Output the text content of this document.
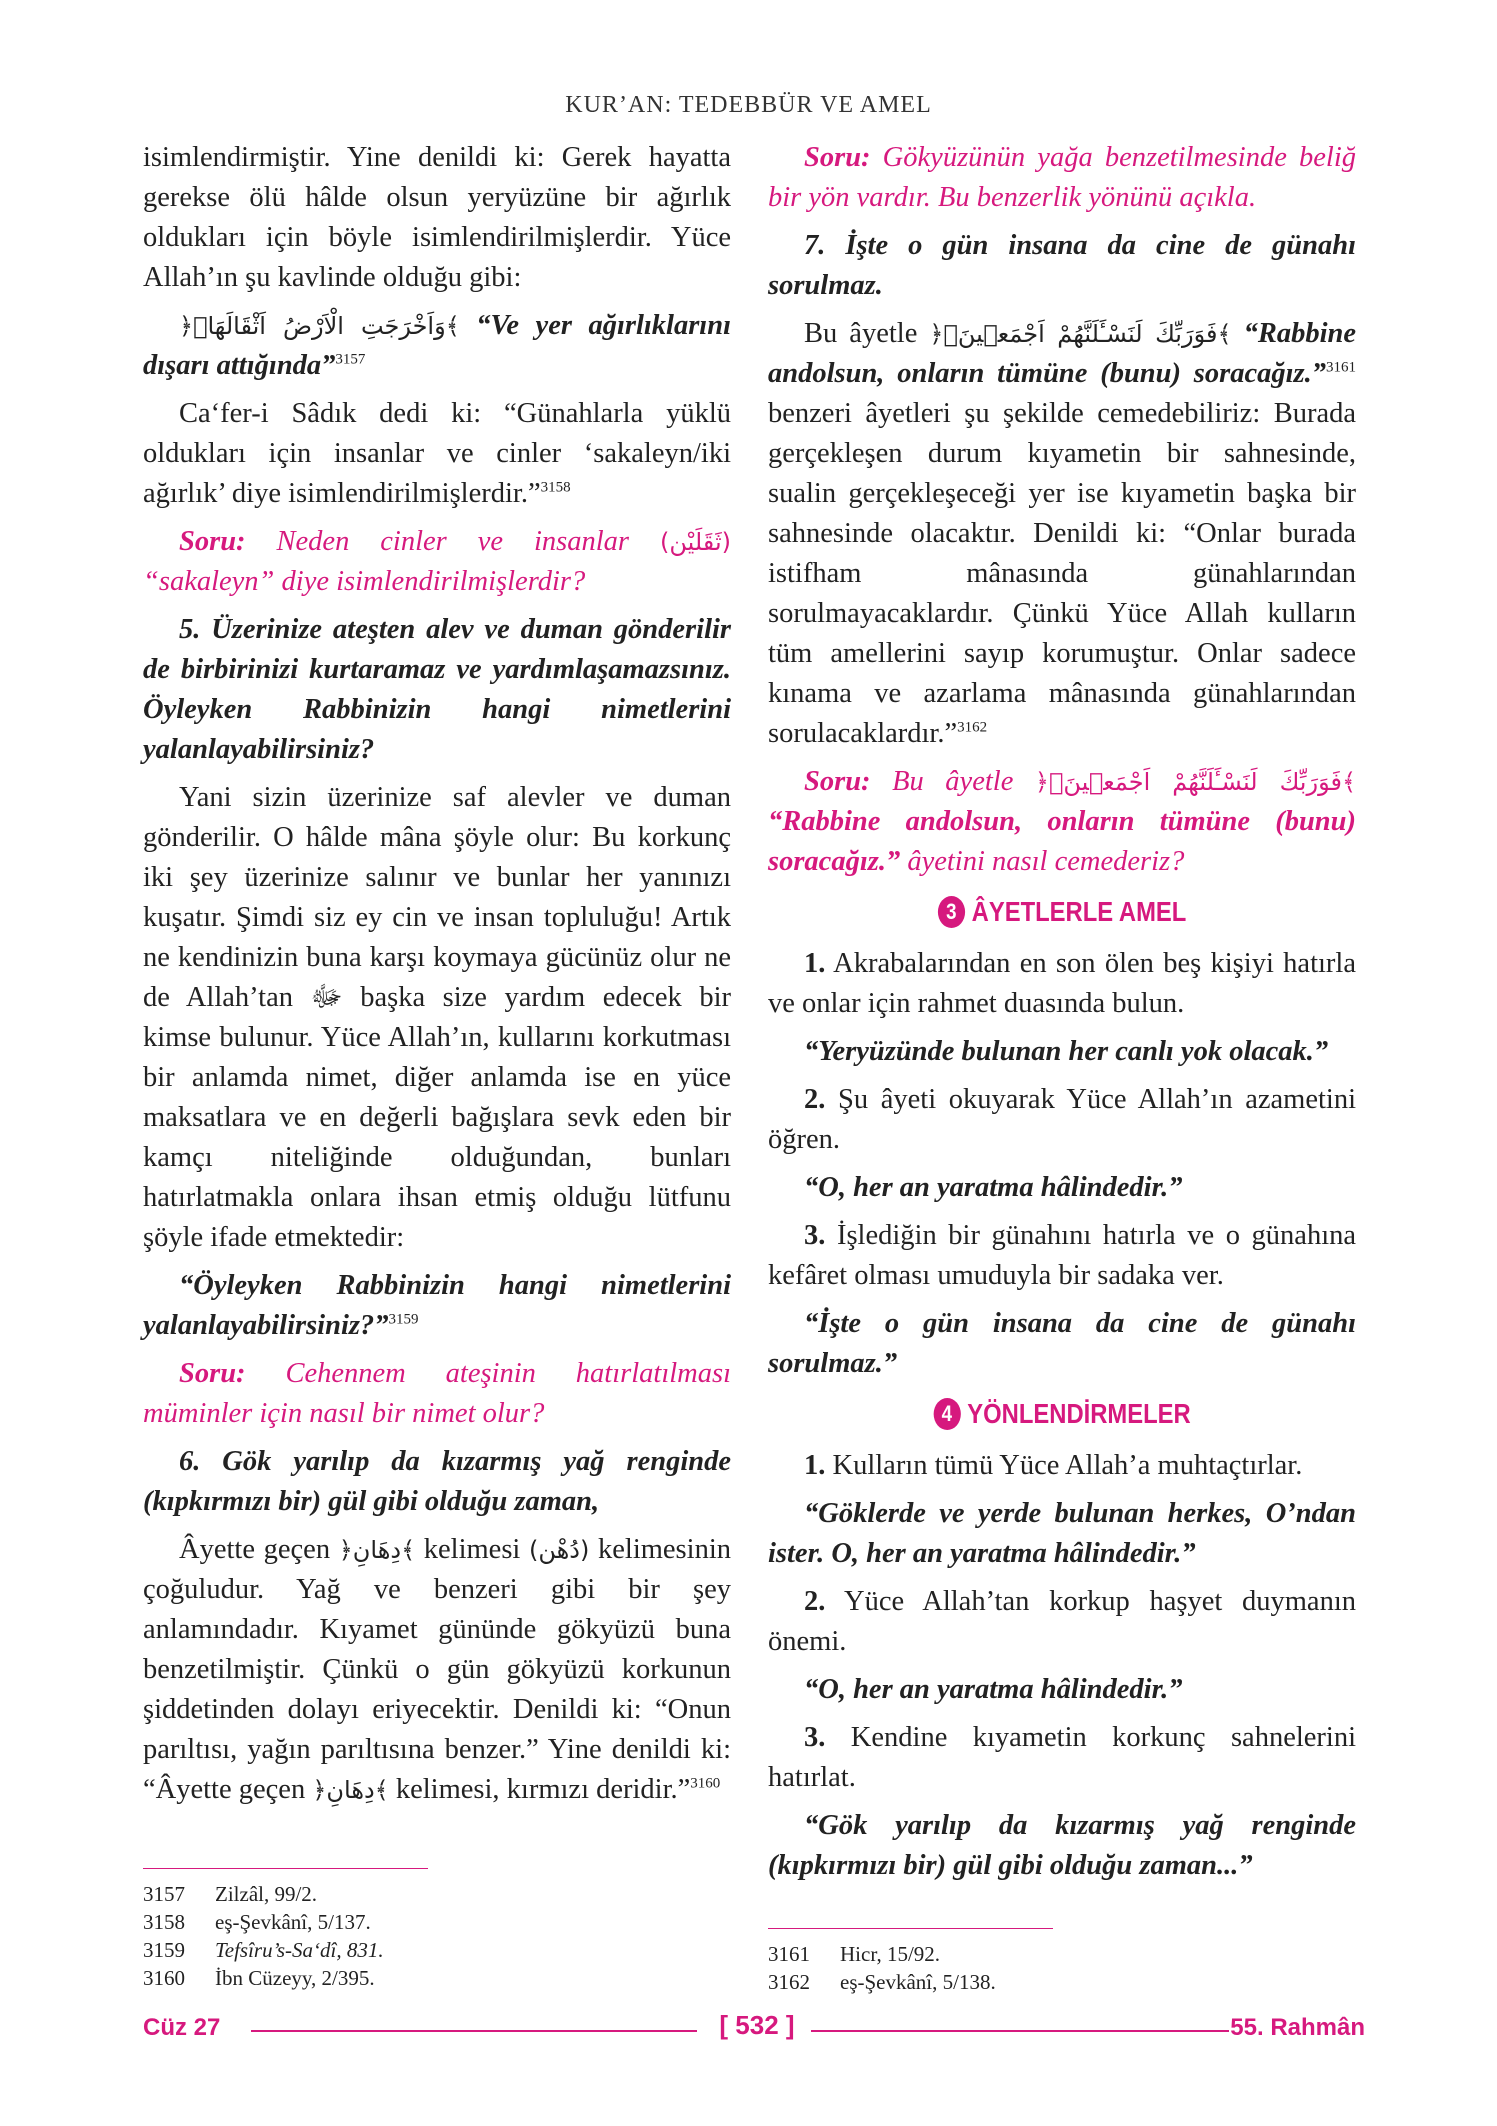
KUR’AN: TEDEBBÜR VE AMEL

isimlendirmiştir. Yine denildi ki: Gerek hayatta gerekse ölü hâlde olsun yeryüzüne bir ağırlık oldukları için böyle isimlendirilmişlerdir. Yüce Allah’ın şu kavlinde olduğu gibi:

﴿وَاَخْرَجَتِ الْاَرْضُ اَثْقَالَهَاۙ﴾ “Ve yer ağırlıklarını dışarı attığında”$^{3157}$

Ca‘fer-i Sâdık dedi ki: “Günahlarla yüklü oldukları için insanlar ve cinler ‘sakaleyn/iki ağırlık’ diye isimlendirilmişlerdir.”$^{3158}$

Soru: Neden cinler ve insanlar (ثَقَلَيْن) “sakaleyn” diye isimlendirilmişlerdir?

5. Üzerinize ateşten alev ve duman gönderilir de birbirinizi kurtaramaz ve yardımlaşamazsınız. Öyleyken Rabbinizin hangi nimetlerini yalanlayabilirsiniz?

Yani sizin üzerinize saf alevler ve duman gönderilir. O hâlde mâna şöyle olur: Bu korkunç iki şey üzerinize salınır ve bunlar her yanınızı kuşatır. Şimdi siz ey cin ve insan topluluğu! Artık ne kendinizin buna karşı koymaya gücünüz olur ne de Allah’tan ﷻ başka size yardım edecek bir kimse bulunur. Yüce Allah’ın, kullarını korkutması bir anlamda nimet, diğer anlamda ise en yüce maksatlara ve en değerli bağışlara sevk eden bir kamçı niteliğinde olduğundan, bunları hatırlatmakla onlara ihsan etmiş olduğu lütfunu şöyle ifade etmektedir:

“Öyleyken Rabbinizin hangi nimetlerini yalanlayabilirsiniz?”$^{3159}$

Soru: Cehennem ateşinin hatırlatılması müminler için nasıl bir nimet olur?

6. Gök yarılıp da kızarmış yağ renginde (kıpkırmızı bir) gül gibi olduğu zaman,

Âyette geçen ﴿دِهَانِ﴾ kelimesi (دُهْن) kelimesinin çoğuludur. Yağ ve benzeri gibi bir şey anlamındadır. Kıyamet gününde gökyüzü buna benzetilmiştir. Çünkü o gün gökyüzü korkunun şiddetinden dolayı eriyecektir. Denildi ki: “Onun parıltısı, yağın parıltısına benzer.” Yine denildi ki: “Âyette geçen ﴿دِهَانِ﴾ kelimesi, kırmızı deridir.”$^{3160}$

3157	Zilzâl, 99/2.
3158	eş-Şevkânî, 5/137.
3159	Tefsîru’s-Sa‘dî, 831.
3160	İbn Cüzeyy, 2/395.

Soru: Gökyüzünün yağa benzetilmesinde beliğ bir yön vardır. Bu benzerlik yönünü açıkla.

7. İşte o gün insana da cine de günahı sorulmaz.

Bu âyetle ﴿فَوَرَبِّكَ لَنَسْـَٔلَنَّهُمْ اَجْمَع۪ينَۙ﴾ “Rabbine andolsun, onların tümüne (bunu) soracağız.”$^{3161}$ benzeri âyetleri şu şekilde cemedebiliriz: Burada gerçekleşen durum kıyametin bir sahnesinde, sualin gerçekleşeceği yer ise kıyametin başka bir sahnesinde olacaktır. Denildi ki: “Onlar burada istifham mânasında günahlarından sorulmayacaklardır. Çünkü Yüce Allah kulların tüm amellerini sayıp korumuştur. Onlar sadece kınama ve azarlama mânasında günahlarından sorulacaklardır.”$^{3162}$

Soru: Bu âyetle ﴿فَوَرَبِّكَ لَنَسْـَٔلَنَّهُمْ اَجْمَع۪ينَۙ﴾ “Rabbine andolsun, onların tümüne (bunu) soracağız.” âyetini nasıl cemederiz?

3 ÂYETLERLE AMEL

1. Akrabalarından en son ölen beş kişiyi hatırla ve onlar için rahmet duasında bulun.

“Yeryüzünde bulunan her canlı yok olacak.”

2. Şu âyeti okuyarak Yüce Allah’ın azametini öğren.

“O, her an yaratma hâlindedir.”

3. İşlediğin bir günahını hatırla ve o günahına kefâret olması umuduyla bir sadaka ver.

“İşte o gün insana da cine de günahı sorulmaz.”

4 YÖNLENDİRMELER

1. Kulların tümü Yüce Allah’a muhtaçtırlar.

“Göklerde ve yerde bulunan herkes, O’ndan ister. O, her an yaratma hâlindedir.”

2. Yüce Allah’tan korkup haşyet duymanın önemi.

“O, her an yaratma hâlindedir.”

3. Kendine kıyametin korkunç sahnelerini hatırlat.

“Gök yarılıp da kızarmış yağ renginde (kıpkırmızı bir) gül gibi olduğu zaman...”

3161	Hicr, 15/92.
3162	eş-Şevkânî, 5/138.
Cüz 27	[ 532 ]	55. Rahmân
